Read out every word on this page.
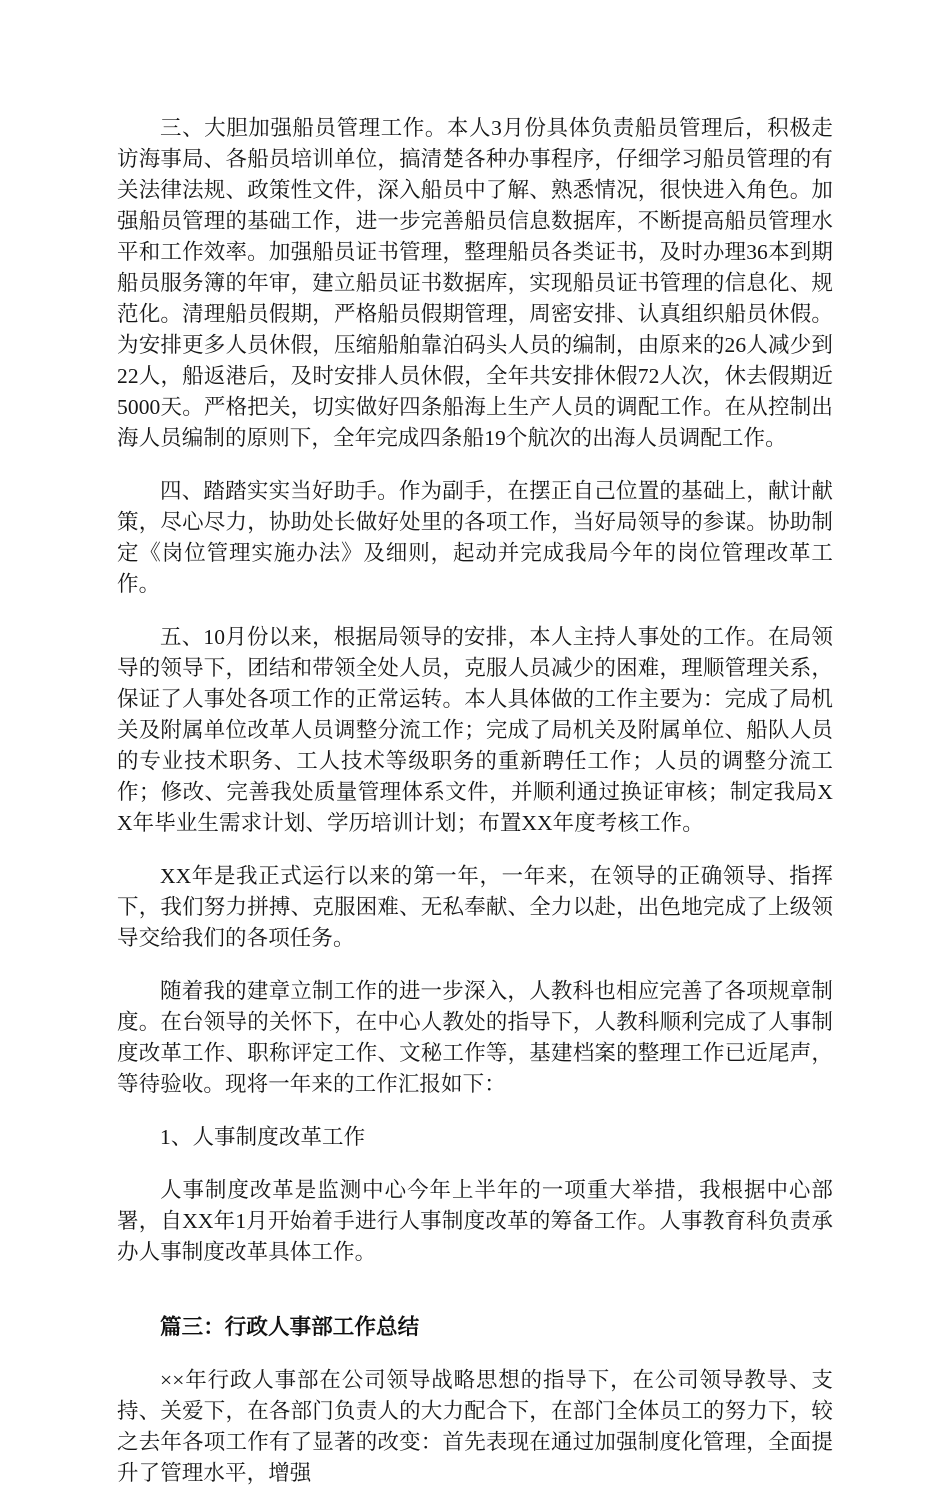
三、大胆加强船员管理工作。本人3月份具体负责船员管理后，积极走访海事局、各船员培训单位，搞清楚各种办事程序，仔细学习船员管理的有关法律法规、政策性文件，深入船员中了解、熟悉情况，很快进入角色。加强船员管理的基础工作，进一步完善船员信息数据库，不断提高船员管理水平和工作效率。加强船员证书管理，整理船员各类证书，及时办理36本到期船员服务簿的年审，建立船员证书数据库，实现船员证书管理的信息化、规范化。清理船员假期，严格船员假期管理，周密安排、认真组织船员休假。为安排更多人员休假，压缩船舶靠泊码头人员的编制，由原来的26人减少到22人，船返港后，及时安排人员休假，全年共安排休假72人次，休去假期近5000天。严格把关，切实做好四条船海上生产人员的调配工作。在从控制出海人员编制的原则下，全年完成四条船19个航次的出海人员调配工作。

四、踏踏实实当好助手。作为副手，在摆正自己位置的基础上，献计献策，尽心尽力，协助处长做好处里的各项工作，当好局领导的参谋。协助制定《岗位管理实施办法》及细则，起动并完成我局今年的岗位管理改革工作。

五、10月份以来，根据局领导的安排，本人主持人事处的工作。在局领导的领导下，团结和带领全处人员，克服人员减少的困难，理顺管理关系，保证了人事处各项工作的正常运转。本人具体做的工作主要为：完成了局机关及附属单位改革人员调整分流工作；完成了局机关及附属单位、船队人员的专业技术职务、工人技术等级职务的重新聘任工作；人员的调整分流工作；修改、完善我处质量管理体系文件，并顺利通过换证审核；制定我局XX年毕业生需求计划、学历培训计划；布置XX年度考核工作。

XX年是我正式运行以来的第一年，一年来，在领导的正确领导、指挥下，我们努力拼搏、克服困难、无私奉献、全力以赴，出色地完成了上级领导交给我们的各项任务。

随着我的建章立制工作的进一步深入，人教科也相应完善了各项规章制度。在台领导的关怀下，在中心人教处的指导下，人教科顺利完成了人事制度改革工作、职称评定工作、文秘工作等，基建档案的整理工作已近尾声，等待验收。现将一年来的工作汇报如下：

1、人事制度改革工作

人事制度改革是监测中心今年上半年的一项重大举措，我根据中心部署，自XX年1月开始着手进行人事制度改革的筹备工作。人事教育科负责承办人事制度改革具体工作。

篇三：行政人事部工作总结

××年行政人事部在公司领导战略思想的指导下，在公司领导教导、支持、关爱下，在各部门负责人的大力配合下，在部门全体员工的努力下，较之去年各项工作有了显著的改变：首先表现在通过加强制度化管理，全面提升了管理水平，增强
